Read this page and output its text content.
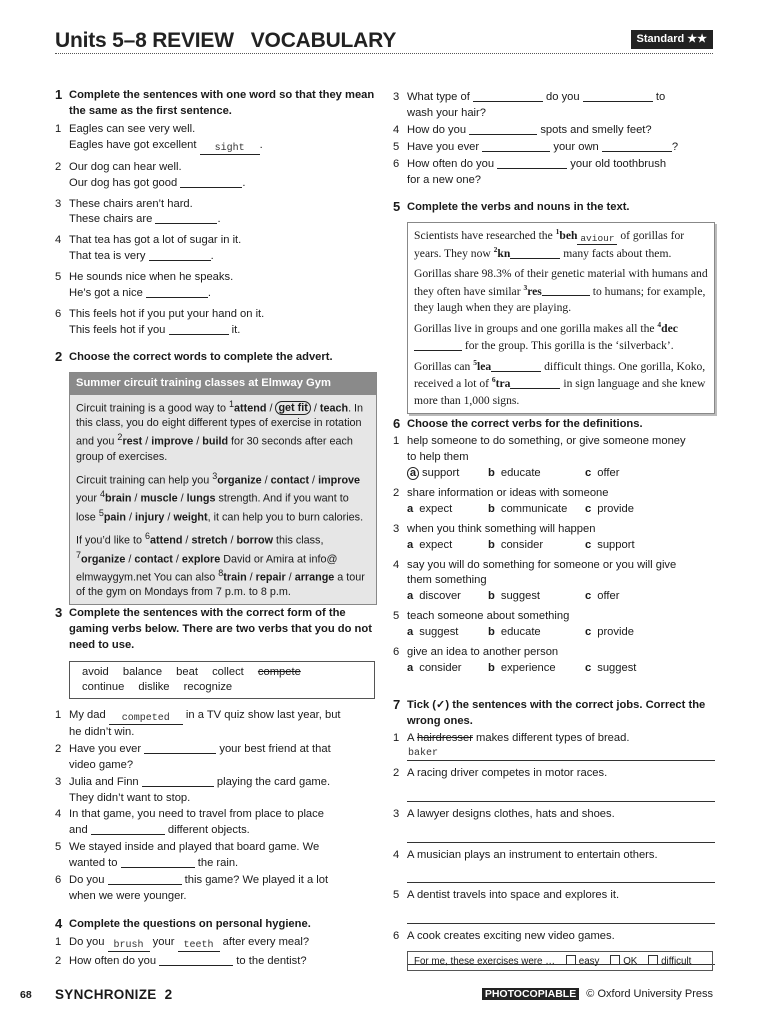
Units 5–8 REVIEW   VOCABULARY	Standard ★★
1 Complete the sentences with one word so that they mean the same as the first sentence.
1 Eagles can see very well.
Eagles have got excellent sight .
2 Our dog can hear well.
Our dog has got good	.
3 These chairs aren’t hard.
These chairs are	.
4 That tea has got a lot of sugar in it.
That tea is very	.
5 He sounds nice when he speaks.
He’s got a nice	.
6 This feels hot if you put your hand on it.
This feels hot if you	it.
2 Choose the correct words to complete the advert.
Summer circuit training classes at Elmway Gym

Circuit training is a good way to $^1$attend / get fit / teach. In this class, you do eight different types of exercise in rotation and you $^2$rest / improve / build for 30 seconds after each group of exercises.

Circuit training can help you $^3$organize / contact / improve your $^4$brain / muscle / lungs strength. And if you want to lose $^5$pain / injury / weight, it can help you to burn calories.

If you’d like to $^6$attend / stretch / borrow this class, $^7$organize / contact / explore David or Amira at info@ elmwaygym.net You can also $^8$train / repair / arrange a tour of the gym on Mondays from 7 p.m. to 8 p.m.

3 Complete the sentences with the correct form of the gaming verbs below. There are two verbs that you do not need to use.
avoid balance beat collect compete
continue dislike recognize
1 My dad competed in a TV quiz show last year, but
he didn’t win.
2 Have you ever	your best friend at that
video game?
3 Julia and Finn	playing the card game.
They didn’t want to stop.
4 In that game, you need to travel from place to place
and	different objects.
5 We stayed inside and played that board game. We
wanted to	the rain.
6 Do you	this game? We played it a lot
when we were younger.
4 Complete the questions on personal hygiene.
1 Do you brush your teeth after every meal?
2 How often do you	to the dentist?
3 What type of	do you	to
wash your hair?
4 How do you	spots and smelly feet?
5 Have you ever	your own	?
6 How often do you	your old toothbrush
for a new one?
5 Complete the verbs and nouns in the text.

Scientists have researched the $^1$beh aviour of gorillas for years. They now $^2$kn	many facts about them.

Gorillas share 98.3% of their genetic material with humans and they often have similar $^3$res	to humans; for example, they laugh when they are playing.

Gorillas live in groups and one gorilla makes all the $^4$dec for the group. This gorilla is the ‘silverback’.

Gorillas can $^5$lea	difficult things. One gorilla, Koko, received a lot of $^6$tra	in sign language and she knew more than 1,000 signs.

6 Choose the correct verbs for the definitions.
1 help someone to do something, or give someone money to help them
a support	b educate	c offer
2 share information or ideas with someone
a expect	b communicate c provide
3 when you think something will happen
a expect	b consider	c support
4 say you will do something for someone or you will give them something
a discover b suggest	c offer
5 teach someone about something
a suggest	b educate	c provide
6 give an idea to another person
a consider b experience	c suggest
7 Tick (✓) the sentences with the correct jobs. Correct the wrong ones.
1 A hairdresser makes different types of bread.
baker
2 A racing driver competes in motor races.
3 A lawyer designs clothes, hats and shoes.
4 A musician plays an instrument to entertain others.
5 A dentist travels into space and explores it.
6 A cook creates exciting new video games.
For me, these exercises were … easy OK difficult
68 SYNCHRONIZE  2	PHOTOCOPIABLE © Oxford University Press
